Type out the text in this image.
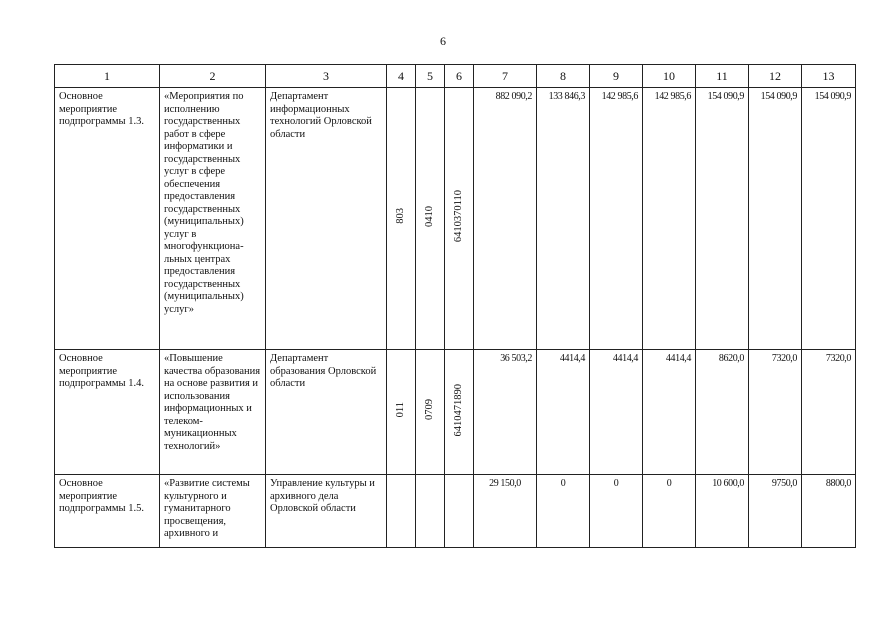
6
1	2	3	4	5	6	7	8	9	10	11	12	13
Основное мероприятие подпрограммы 1.3.	«Мероприятия по исполнению государственных работ в сфере информатики и государственных услуг в сфере обеспечения предоставления государственных (муниципальных) услуг в многофункциона-льных центрах предоставления государственных (муниципальных) услуг»	Департамент информационных технологий Орловской области	803	0410	6410370110	882 090,2	133 846,3	142 985,6	142 985,6	154 090,9	154 090,9	154 090,9
Основное мероприятие подпрограммы 1.4.	«Повышение качества образования на основе развития и использования информационных и телеком-муникационных технологий»	Департамент образования Орловской области	011	0709	6410471890	36 503,2	4414,4	4414,4	4414,4	8620,0	7320,0	7320,0
Основное мероприятие подпрограммы 1.5.	«Развитие системы культурного и гуманитарного просвещения, архивного и	Управление культуры и архивного дела Орловской области				29 150,0	0	0	0	10 600,0	9750,0	8800,0
